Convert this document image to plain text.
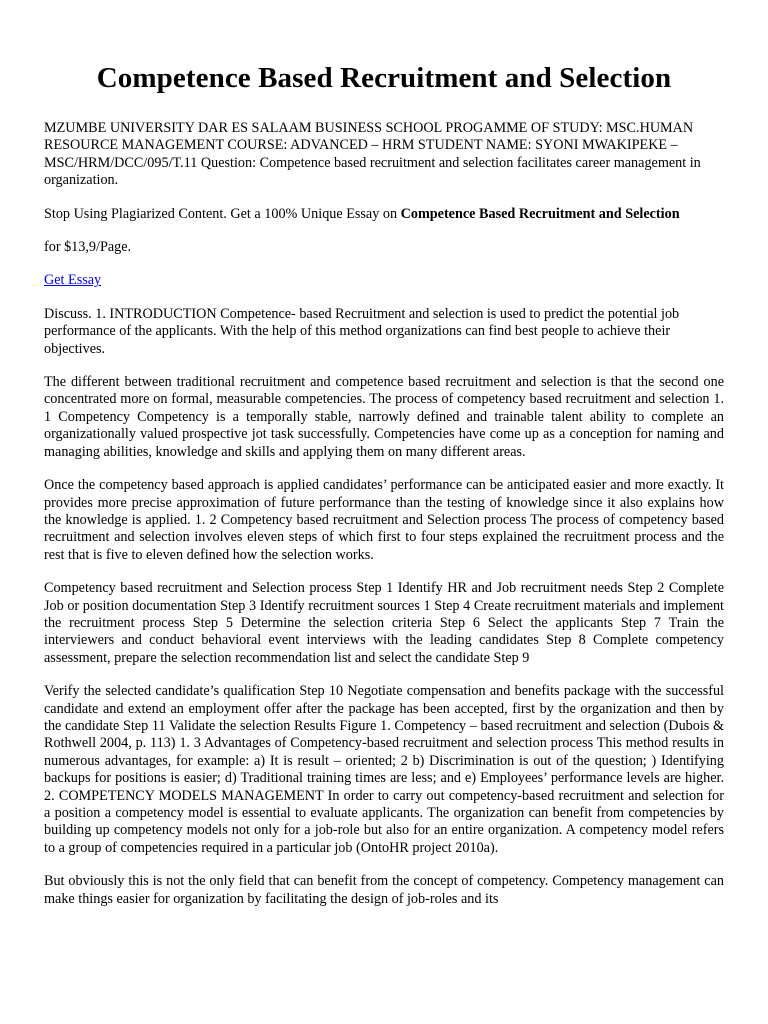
Competence Based Recruitment and Selection

MZUMBE UNIVERSITY DAR ES SALAAM BUSINESS SCHOOL PROGAMME OF STUDY: MSC.HUMAN RESOURCE MANAGEMENT COURSE: ADVANCED – HRM STUDENT NAME: SYONI MWAKIPEKE – MSC/HRM/DCC/095/T.11 Question: Competence based recruitment and selection facilitates career management in organization.

Stop Using Plagiarized Content. Get a 100% Unique Essay on Competence Based Recruitment and Selection

for $13,9/Page.

Get Essay

Discuss. 1. INTRODUCTION Competence- based Recruitment and selection is used to predict the potential job performance of the applicants. With the help of this method organizations can find best people to achieve their objectives.

The different between traditional recruitment and competence based recruitment and selection is that the second one concentrated more on formal, measurable competencies. The process of competency based recruitment and selection 1. 1 Competency Competency is a temporally stable, narrowly defined and trainable talent ability to complete an organizationally valued prospective jot task successfully. Competencies have come up as a conception for naming and managing abilities, knowledge and skills and applying them on many different areas.

Once the competency based approach is applied candidates’ performance can be anticipated easier and more exactly. It provides more precise approximation of future performance than the testing of knowledge since it also explains how the knowledge is applied. 1. 2 Competency based recruitment and Selection process The process of competency based recruitment and selection involves eleven steps of which first to four steps explained the recruitment process and the rest that is five to eleven defined how the selection works.

Competency based recruitment and Selection process Step 1 Identify HR and Job recruitment needs Step 2 Complete Job or position documentation Step 3 Identify recruitment sources 1 Step 4 Create recruitment materials and implement the recruitment process Step 5 Determine the selection criteria Step 6 Select the applicants Step 7 Train the interviewers and conduct behavioral event interviews with the leading candidates Step 8 Complete competency assessment, prepare the selection recommendation list and select the candidate Step 9

Verify the selected candidate’s qualification Step 10 Negotiate compensation and benefits package with the successful candidate and extend an employment offer after the package has been accepted, first by the organization and then by the candidate Step 11 Validate the selection Results Figure 1. Competency – based recruitment and selection (Dubois & Rothwell 2004, p. 113) 1. 3 Advantages of Competency-based recruitment and selection process This method results in numerous advantages, for example: a) It is result – oriented; 2 b) Discrimination is out of the question; ) Identifying backups for positions is easier; d) Traditional training times are less; and e) Employees’ performance levels are higher. 2. COMPETENCY MODELS MANAGEMENT In order to carry out competency-based recruitment and selection for a position a competency model is essential to evaluate applicants. The organization can benefit from competencies by building up competency models not only for a job-role but also for an entire organization. A competency model refers to a group of competencies required in a particular job (OntoHR project 2010a).

But obviously this is not the only field that can benefit from the concept of competency. Competency management can make things easier for organization by facilitating the design of job-roles and its
